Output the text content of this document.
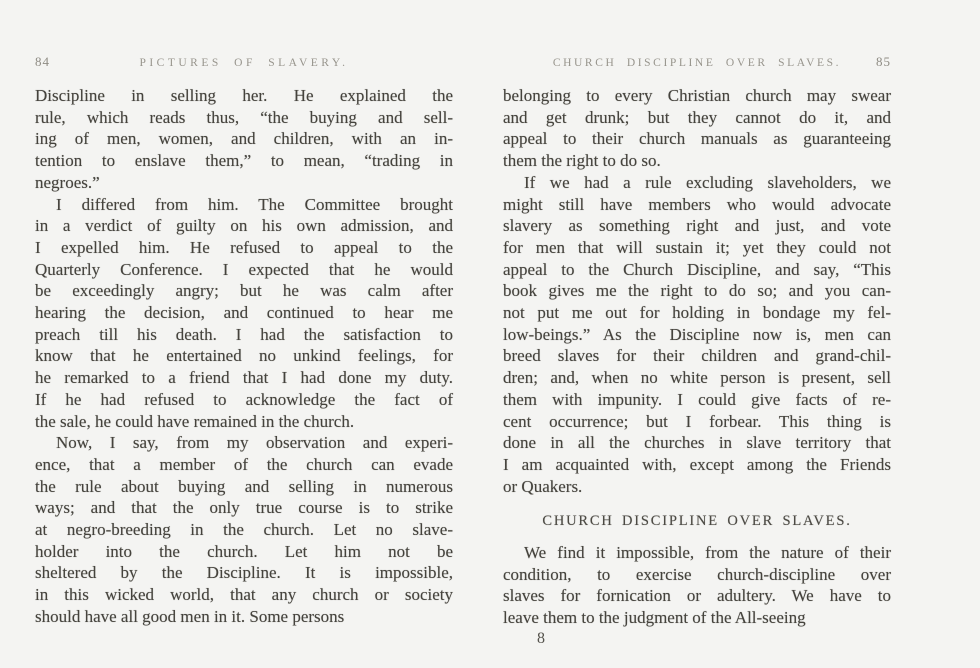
84	PICTURES OF SLAVERY.
Discipline in selling her. He explained the
rule, which reads thus, “the buying and sell-
ing of men, women, and children, with an in-
tention to enslave them,” to mean, “trading in
negroes.”
I differed from him. The Committee brought
in a verdict of guilty on his own admission, and
I expelled him. He refused to appeal to the
Quarterly Conference. I expected that he would
be exceedingly angry; but he was calm after
hearing the decision, and continued to hear me
preach till his death. I had the satisfaction to
know that he entertained no unkind feelings, for
he remarked to a friend that I had done my duty.
If he had refused to acknowledge the fact of
the sale, he could have remained in the church.
Now, I say, from my observation and experi-
ence, that a member of the church can evade
the rule about buying and selling in numerous
ways; and that the only true course is to strike
at negro-breeding in the church. Let no slave-
holder into the church. Let him not be
sheltered by the Discipline. It is impossible,
in this wicked world, that any church or society
should have all good men in it. Some persons
CHURCH DISCIPLINE OVER SLAVES.	85
belonging to every Christian church may swear
and get drunk; but they cannot do it, and
appeal to their church manuals as guaranteeing
them the right to do so.
If we had a rule excluding slaveholders, we
might still have members who would advocate
slavery as something right and just, and vote
for men that will sustain it; yet they could not
appeal to the Church Discipline, and say, “This
book gives me the right to do so; and you can-
not put me out for holding in bondage my fel-
low-beings.” As the Discipline now is, men can
breed slaves for their children and grand-chil-
dren; and, when no white person is present, sell
them with impunity. I could give facts of re-
cent occurrence; but I forbear. This thing is
done in all the churches in slave territory that
I am acquainted with, except among the Friends
or Quakers.
CHURCH DISCIPLINE OVER SLAVES.
We find it impossible, from the nature of their
condition, to exercise church-discipline over
slaves for fornication or adultery. We have to
leave them to the judgment of the All-seeing
8
